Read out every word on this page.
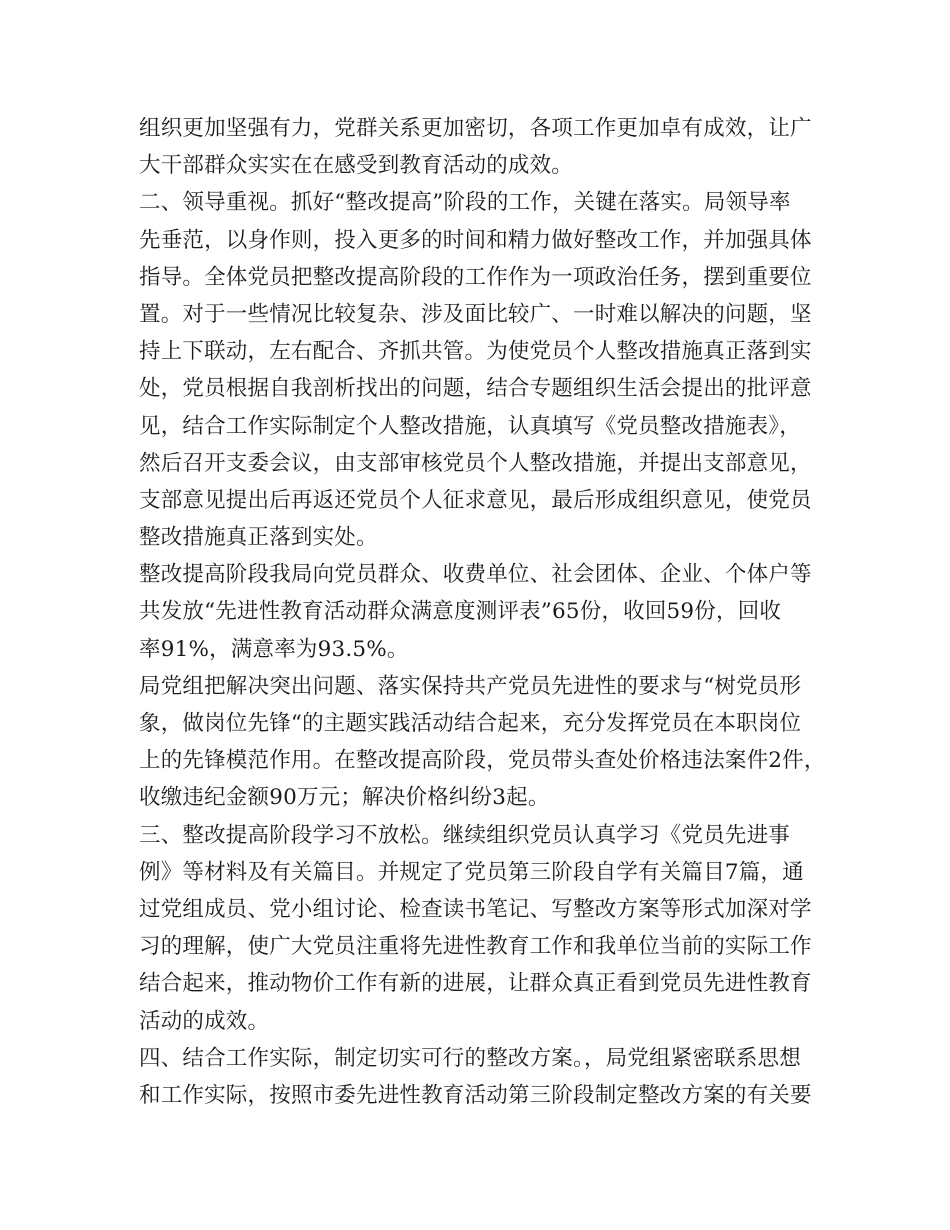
组织更加坚强有力，党群关系更加密切，各项工作更加卓有成效，让广
大干部群众实实在在感受到教育活动的成效。

二、领导重视。抓好“整改提高”阶段的工作，关键在落实。局领导率
先垂范，以身作则，投入更多的时间和精力做好整改工作，并加强具体
指导。全体党员把整改提高阶段的工作作为一项政治任务，摆到重要位
置。对于一些情况比较复杂、涉及面比较广、一时难以解决的问题，坚
持上下联动，左右配合、齐抓共管。为使党员个人整改措施真正落到实
处，党员根据自我剖析找出的问题，结合专题组织生活会提出的批评意
见，结合工作实际制定个人整改措施，认真填写《党员整改措施表》，
然后召开支委会议，由支部审核党员个人整改措施，并提出支部意见，
支部意见提出后再返还党员个人征求意见，最后形成组织意见，使党员
整改措施真正落到实处。

整改提高阶段我局向党员群众、收费单位、社会团体、企业、个体户等
共发放“先进性教育活动群众满意度测评表”65份，收回59份，回收
率91%，满意率为93.5%。

局党组把解决突出问题、落实保持共产党员先进性的要求与“树党员形
象，做岗位先锋“的主题实践活动结合起来，充分发挥党员在本职岗位
上的先锋模范作用。在整改提高阶段，党员带头查处价格违法案件2件，
收缴违纪金额90万元；解决价格纠纷3起。

三、整改提高阶段学习不放松。继续组织党员认真学习《党员先进事
例》等材料及有关篇目。并规定了党员第三阶段自学有关篇目7篇，通
过党组成员、党小组讨论、检查读书笔记、写整改方案等形式加深对学
习的理解，使广大党员注重将先进性教育工作和我单位当前的实际工作
结合起来，推动物价工作有新的进展，让群众真正看到党员先进性教育
活动的成效。

四、结合工作实际，制定切实可行的整改方案。，局党组紧密联系思想
和工作实际，按照市委先进性教育活动第三阶段制定整改方案的有关要
